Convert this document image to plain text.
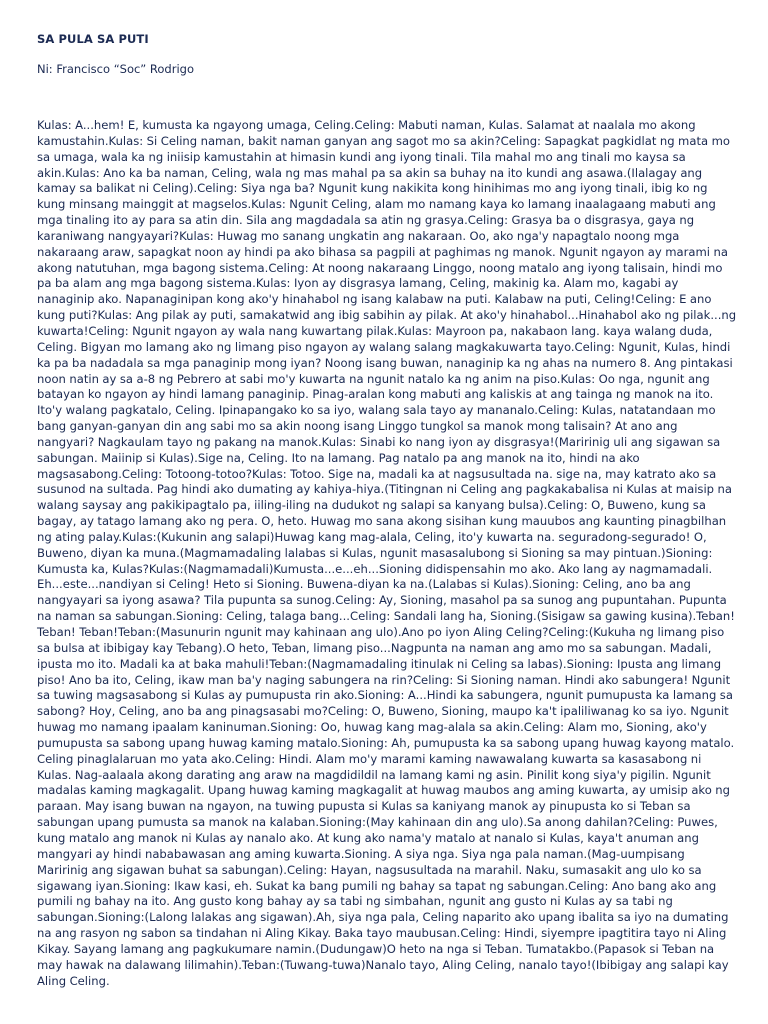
SA PULA SA PUTI
Ni: Francisco “Soc” Rodrigo

Kulas: A...hem! E, kumusta ka ngayong umaga, Celing.Celing: Mabuti naman, Kulas. Salamat at naalala mo akong kamustahin.Kulas: Si Celing naman, bakit naman ganyan ang sagot mo sa akin?Celing: Sapagkat pagkidlat ng mata mo sa umaga, wala ka ng iniisip kamustahin at himasin kundi ang iyong tinali. Tila mahal mo ang tinali mo kaysa sa akin.Kulas: Ano ka ba naman, Celing, wala ng mas mahal pa sa akin sa buhay na ito kundi ang asawa.(Ilalagay ang kamay sa balikat ni Celing).Celing: Siya nga ba? Ngunit kung nakikita kong hinihimas mo ang iyong tinali, ibig ko ng kung minsang mainggit at magselos.Kulas: Ngunit Celing, alam mo namang kaya ko lamang inaalagaang mabuti ang mga tinaling ito ay para sa atin din. Sila ang magdadala sa atin ng grasya.Celing: Grasya ba o disgrasya, gaya ng karaniwang nangyayari?Kulas: Huwag mo sanang ungkatin ang nakaraan. Oo, ako nga'y napagtalo noong mga nakaraang araw, sapagkat noon ay hindi pa ako bihasa sa pagpili at paghimas ng manok. Ngunit ngayon ay marami na akong natutuhan, mga bagong sistema.Celing: At noong nakaraang Linggo, noong matalo ang iyong talisain, hindi mo pa ba alam ang mga bagong sistema.Kulas: Iyon ay disgrasya lamang, Celing, makinig ka. Alam mo, kagabi ay nanaginip ako. Napanaginipan kong ako'y hinahabol ng isang kalabaw na puti. Kalabaw na puti, Celing!Celing: E ano kung puti?Kulas: Ang pilak ay puti, samakatwid ang ibig sabihin ay pilak. At ako'y hinahabol...Hinahabol ako ng pilak...ng kuwarta!Celing: Ngunit ngayon ay wala nang kuwartang pilak.Kulas: Mayroon pa, nakabaon lang. kaya walang duda, Celing. Bigyan mo lamang ako ng limang piso ngayon ay walang salang magkakuwarta tayo.Celing: Ngunit, Kulas, hindi ka pa ba nadadala sa mga panaginip mong iyan? Noong isang buwan, nanaginip ka ng ahas na numero 8. Ang pintakasi noon natin ay sa a-8 ng Pebrero at sabi mo'y kuwarta na ngunit natalo ka ng anim na piso.Kulas: Oo nga, ngunit ang batayan ko ngayon ay hindi lamang panaginip. Pinag-aralan kong mabuti ang kaliskis at ang tainga ng manok na ito. Ito'y walang pagkatalo, Celing. Ipinapangako ko sa iyo, walang sala tayo ay mananalo.Celing: Kulas, natatandaan mo bang ganyan-ganyan din ang sabi mo sa akin noong isang Linggo tungkol sa manok mong talisain? At ano ang nangyari? Nagkaulam tayo ng pakang na manok.Kulas: Sinabi ko nang iyon ay disgrasya!(Maririnig uli ang sigawan sa sabungan. Maiinip si Kulas).Sige na, Celing. Ito na lamang. Pag natalo pa ang manok na ito, hindi na ako magsasabong.Celing: Totoong-totoo?Kulas: Totoo. Sige na, madali ka at nagsusultada na. sige na, may katrato ako sa susunod na sultada. Pag hindi ako dumating ay kahiya-hiya.(Titingnan ni Celing ang pagkakabalisa ni Kulas at maisip na walang saysay ang pakikipagtalo pa, iiling-iling na dudukot ng salapi sa kanyang bulsa).Celing: O, Buweno, kung sa bagay, ay tatago lamang ako ng pera. O, heto. Huwag mo sana akong sisihan kung mauubos ang kaunting pinagbilhan ng ating palay.Kulas:(Kukunin ang salapi)Huwag kang mag-alala, Celing, ito'y kuwarta na. seguradong-segurado! O, Buweno, diyan ka muna.(Magmamadaling lalabas si Kulas, ngunit masasalubong si Sioning sa may pintuan.)Sioning: Kumusta ka, Kulas?Kulas:(Nagmamadali)Kumusta...e...eh...Sioning didispensahin mo ako. Ako lang ay nagmamadali. Eh...este...nandiyan si Celing! Heto si Sioning. Buwena-diyan ka na.(Lalabas si Kulas).Sioning: Celing, ano ba ang nangyayari sa iyong asawa? Tila pupunta sa sunog.Celing: Ay, Sioning, masahol pa sa sunog ang pupuntahan. Pupunta na naman sa sabungan.Sioning: Celing, talaga bang...Celing: Sandali lang ha, Sioning.(Sisigaw sa gawing kusina).Teban! Teban! Teban!Teban:(Masunurin ngunit may kahinaan ang ulo).Ano po iyon Aling Celing?Celing:(Kukuha ng limang piso sa bulsa at ibibigay kay Tebang).O heto, Teban, limang piso...Nagpunta na naman ang amo mo sa sabungan. Madali, ipusta mo ito. Madali ka at baka mahuli!Teban:(Nagmamadaling itinulak ni Celing sa labas).Sioning: Ipusta ang limang piso! Ano ba ito, Celing, ikaw man ba'y naging sabungera na rin?Celing: Si Sioning naman. Hindi ako sabungera! Ngunit sa tuwing magsasabong si Kulas ay pumupusta rin ako.Sioning: A...Hindi ka sabungera, ngunit pumupusta ka lamang sa sabong? Hoy, Celing, ano ba ang pinagsasabi mo?Celing: O, Buweno, Sioning, maupo ka't ipaliliwanag ko sa iyo. Ngunit huwag mo namang ipaalam kaninuman.Sioning: Oo, huwag kang mag-alala sa akin.Celing: Alam mo, Sioning, ako'y pumupusta sa sabong upang huwag kaming matalo.Sioning: Ah, pumupusta ka sa sabong upang huwag kayong matalo. Celing pinaglalaruan mo yata ako.Celing: Hindi. Alam mo'y marami kaming nawawalang kuwarta sa kasasabong ni Kulas. Nag-aalaala akong darating ang araw na magdidildil na lamang kami ng asin. Pinilit kong siya'y pigilin. Ngunit madalas kaming magkagalit. Upang huwag kaming magkagalit at huwag maubos ang aming kuwarta, ay umisip ako ng paraan. May isang buwan na ngayon, na tuwing pupusta si Kulas sa kaniyang manok ay pinupusta ko si Teban sa sabungan upang pumusta sa manok na kalaban.Sioning:(May kahinaan din ang ulo).Sa anong dahilan?Celing: Puwes, kung matalo ang manok ni Kulas ay nanalo ako. At kung ako nama'y matalo at nanalo si Kulas, kaya't anuman ang mangyari ay hindi nababawasan ang aming kuwarta.Sioning. A siya nga. Siya nga pala naman.(Mag-uumpisang Maririnig ang sigawan buhat sa sabungan).Celing: Hayan, nagsusultada na marahil. Naku, sumasakit ang ulo ko sa sigawang iyan.Sioning: Ikaw kasi, eh. Sukat ka bang pumili ng bahay sa tapat ng sabungan.Celing: Ano bang ako ang pumili ng bahay na ito. Ang gusto kong bahay ay sa tabi ng simbahan, ngunit ang gusto ni Kulas ay sa tabi ng sabungan.Sioning:(Lalong lalakas ang sigawan).Ah, siya nga pala, Celing naparito ako upang ibalita sa iyo na dumating na ang rasyon ng sabon sa tindahan ni Aling Kikay. Baka tayo maubusan.Celing: Hindi, siyempre ipagtitira tayo ni Aling Kikay. Sayang lamang ang pagkukumare namin.(Dudungaw)O heto na nga si Teban. Tumatakbo.(Papasok si Teban na may hawak na dalawang lilimahin).Teban:(Tuwang-tuwa)Nanalo tayo, Aling Celing, nanalo tayo!(Ibibigay ang salapi kay Aling Celing.
